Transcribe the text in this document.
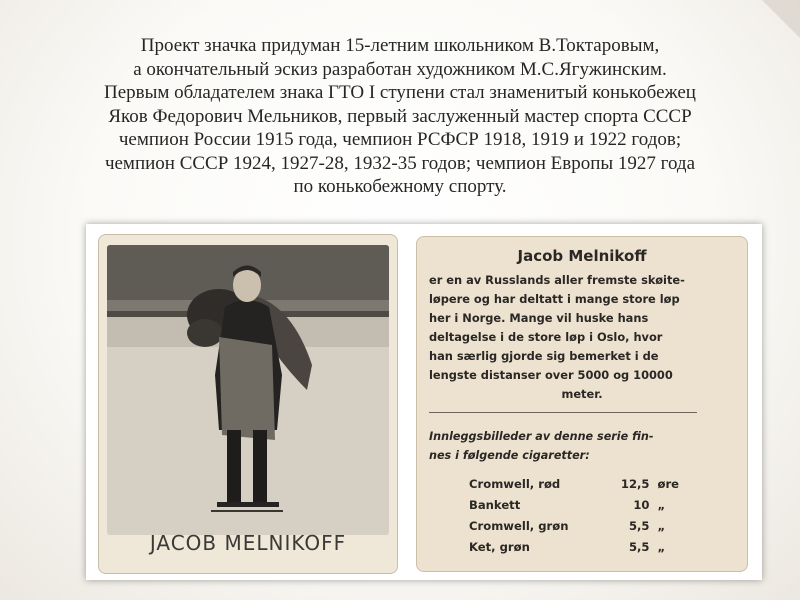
Проект значка придуман 15-летним школьником В.Токтаровым,
а окончательный эскиз разработан художником М.С.Ягужинским.
Первым обладателем знака ГТО I ступени стал знаменитый конькобежец
Яков Федорович Мельников, первый заслуженный мастер спорта СССР
чемпион России 1915 года, чемпион РСФСР 1918, 1919 и 1922 годов;
чемпион СССР 1924, 1927-28, 1932-35 годов; чемпион Европы 1927 года
по конькобежному спорту.
JACOB MELNIKOFF
Jacob Melnikoff
er en av Russlands aller fremste skøite-
løpere og har deltatt i mange store løp
her i Norge. Mange vil huske hans
deltagelse i de store løp i Oslo, hvor
han særlig gjorde sig bemerket i de
lengste distanser over 5000 og 10000
meter.
Innleggsbilleder av denne serie fin-
nes i følgende cigaretter:
Cromwell, rød	12,5	øre
Bankett	10	„
Cromwell, grøn	5,5	„
Ket, grøn	5,5	„
